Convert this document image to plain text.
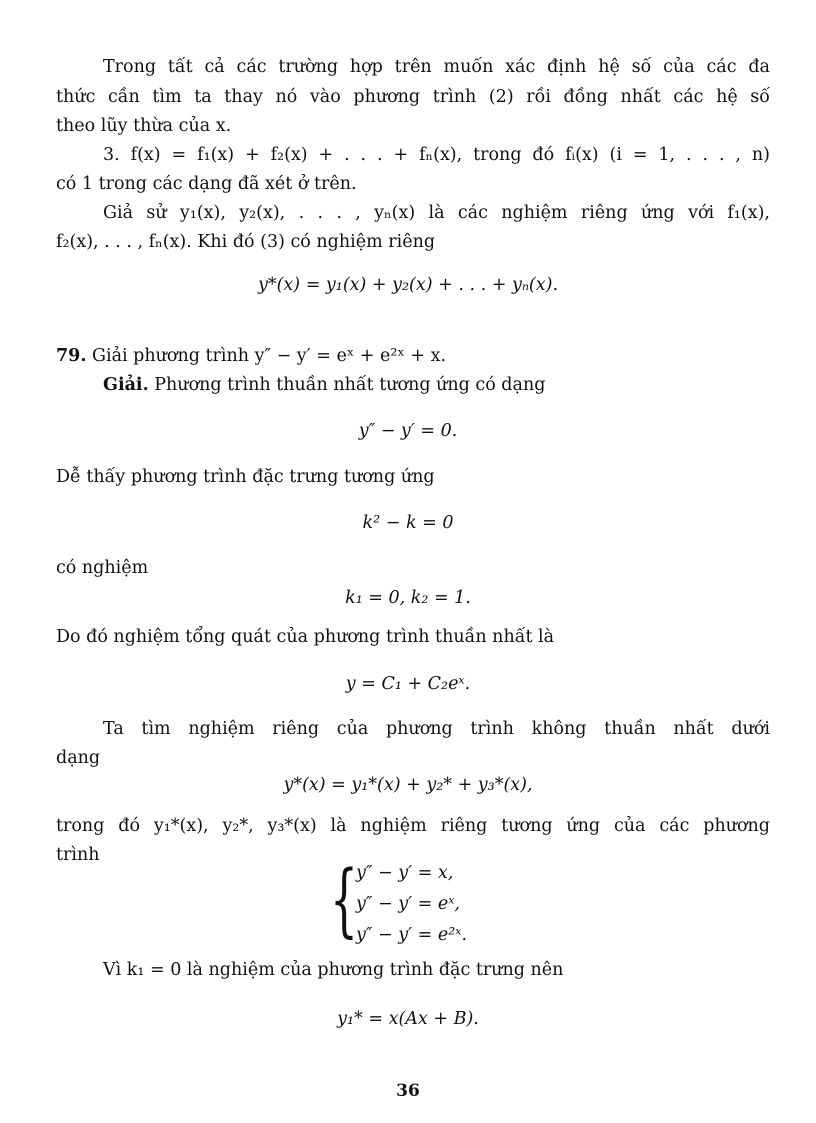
Trong tất cả các trường hợp trên muốn xác định hệ số của các đa
thức cần tìm ta thay nó vào phương trình (2) rồi đồng nhất các hệ số
theo lũy thừa của x.
3. f(x) = f₁(x) + f₂(x) + . . . + fₙ(x), trong đó fᵢ(x) (i = 1, . . . , n)
có 1 trong các dạng đã xét ở trên.
Giả sử y₁(x), y₂(x), . . . , yₙ(x) là các nghiệm riêng ứng với f₁(x),
f₂(x), . . . , fₙ(x). Khi đó (3) có nghiệm riêng
y*(x) = y₁(x) + y₂(x) + . . . + yₙ(x).
79. Giải phương trình y″ − y′ = eˣ + e²ˣ + x.
Giải. Phương trình thuần nhất tương ứng có dạng
y″ − y′ = 0.
Dễ thấy phương trình đặc trưng tương ứng
k² − k = 0
có nghiệm
k₁ = 0, k₂ = 1.
Do đó nghiệm tổng quát của phương trình thuần nhất là
y = C₁ + C₂eˣ.
Ta tìm nghiệm riêng của phương trình không thuần nhất dưới
dạng
y*(x) = y₁*(x) + y₂* + y₃*(x),
trong đó y₁*(x), y₂*, y₃*(x) là nghiệm riêng tương ứng của các phương
trình	{
y″ − y′ = x,
y″ − y′ = eˣ,
y″ − y′ = e²ˣ.
Vì k₁ = 0 là nghiệm của phương trình đặc trưng nên
y₁* = x(Ax + B).
36
